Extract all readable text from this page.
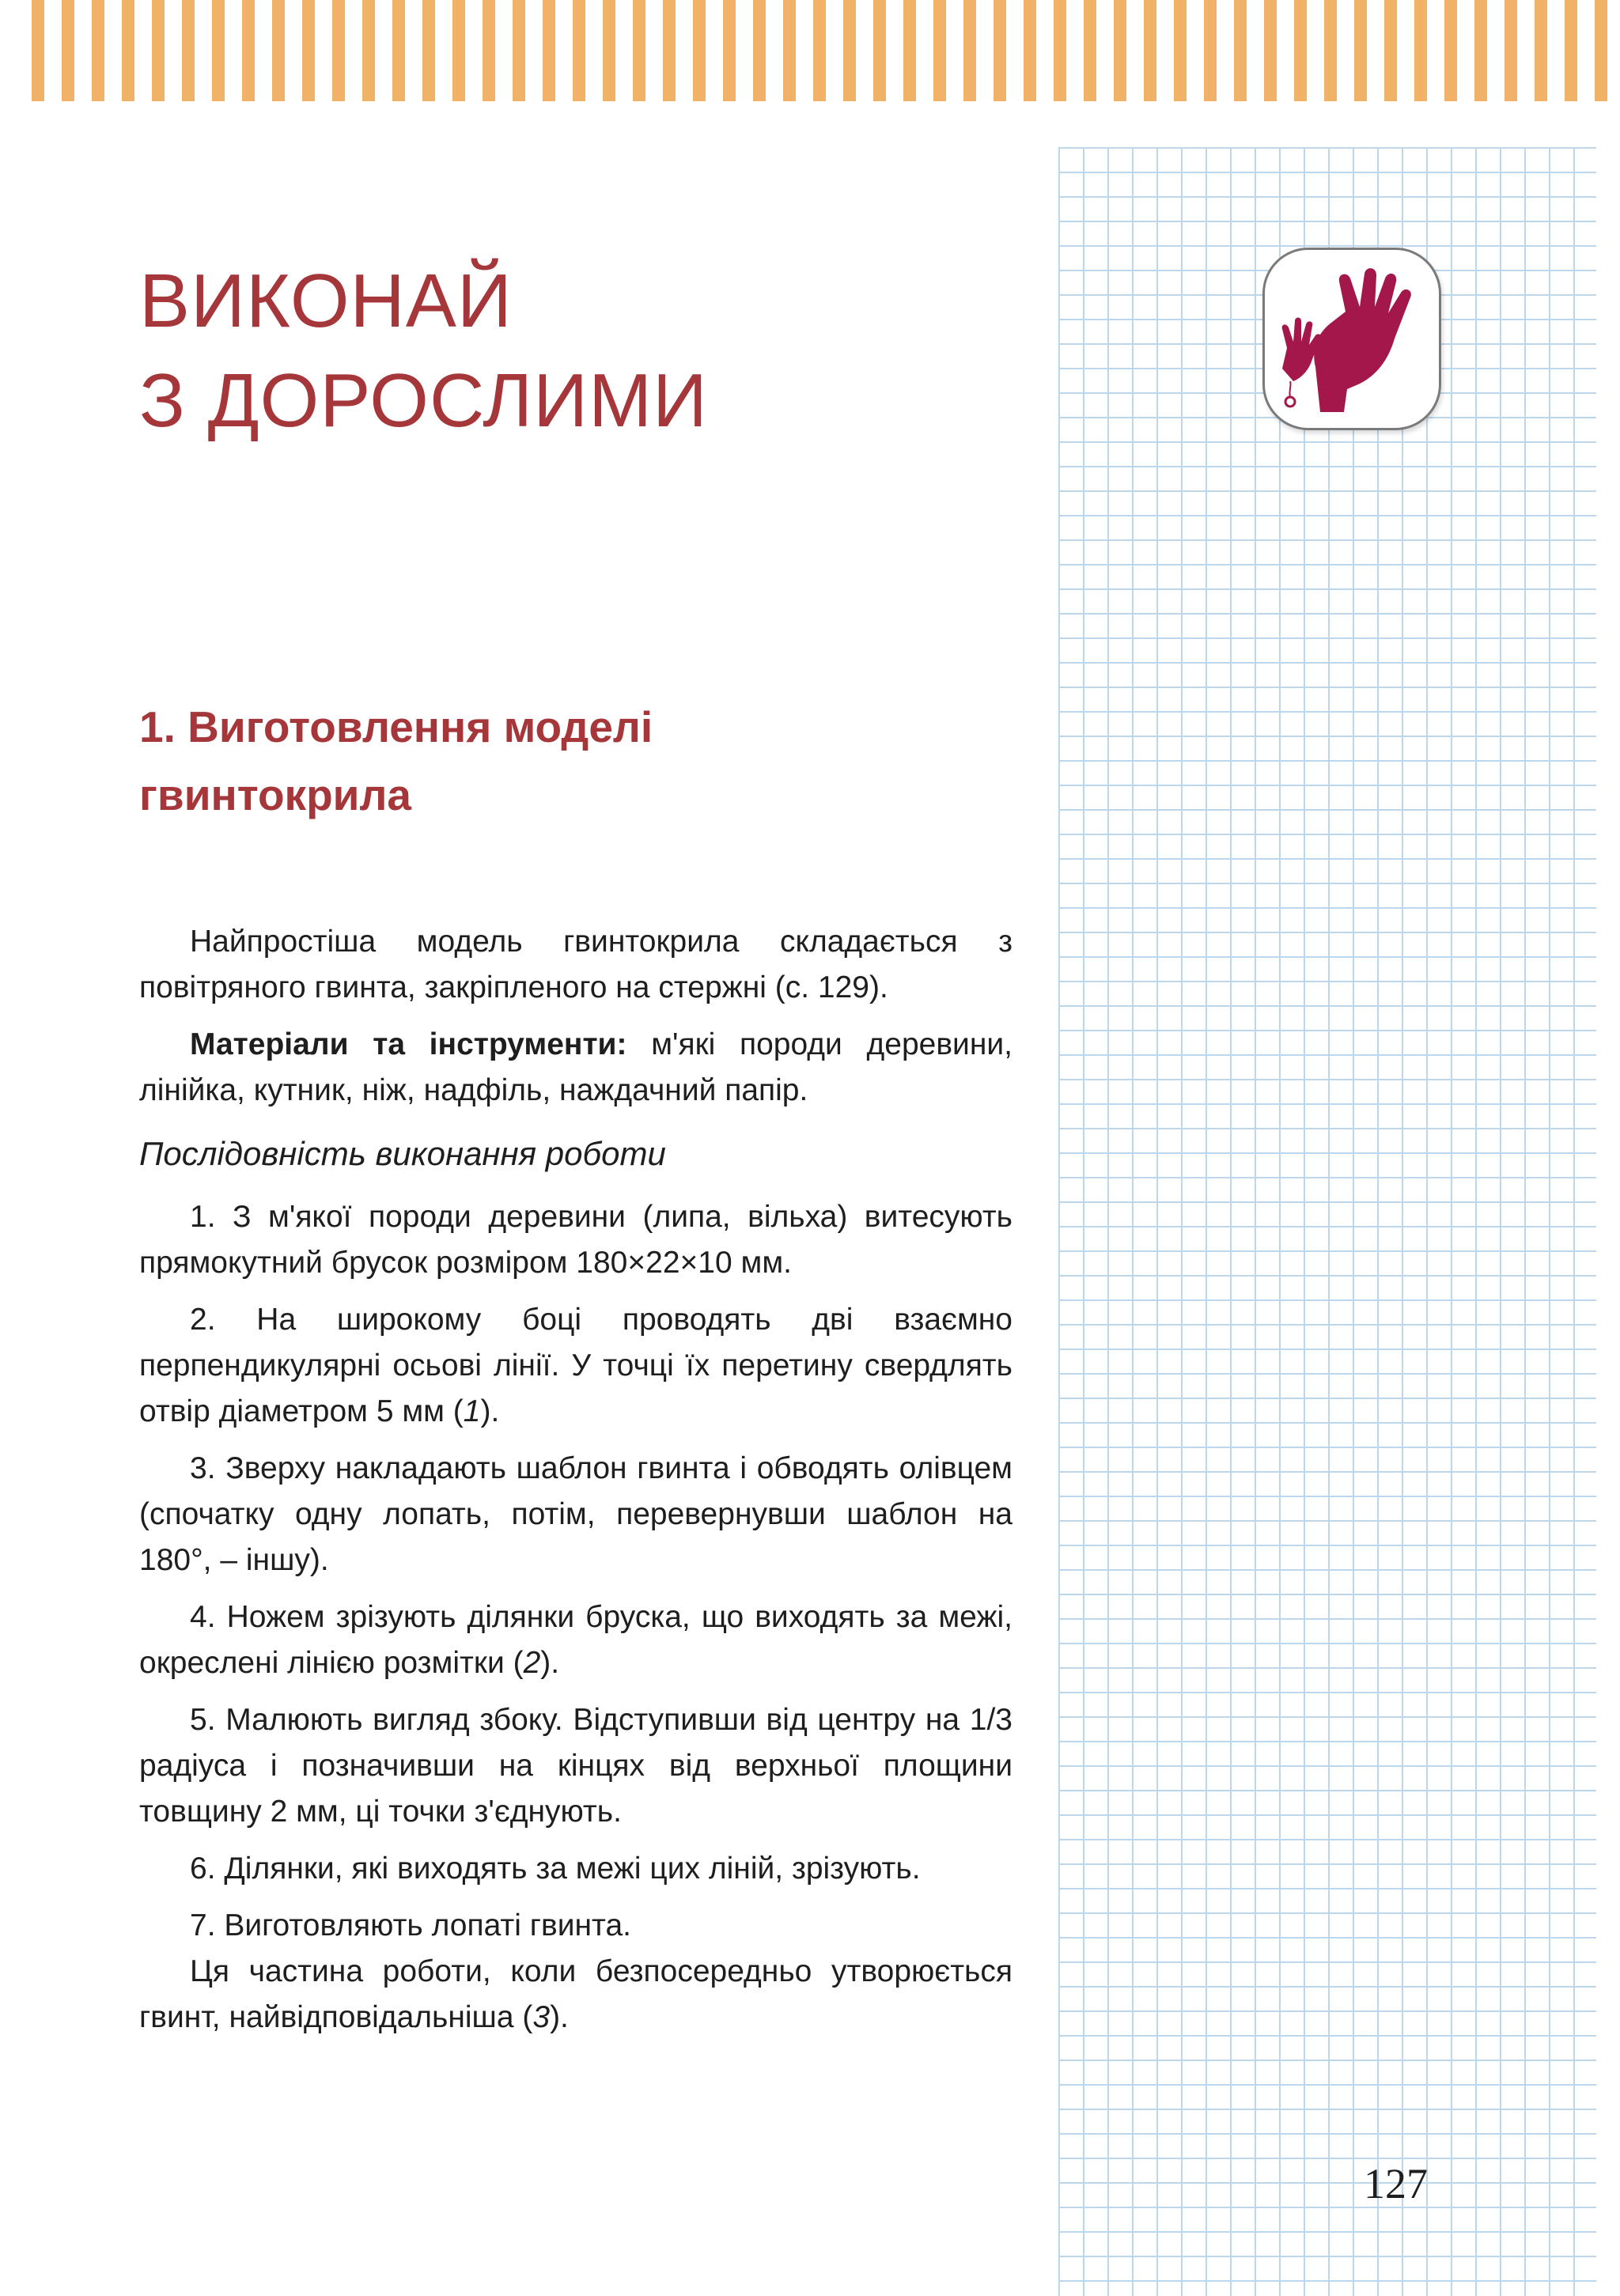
ВИКОНАЙ
З ДОРОСЛИМИ
1. Виготовлення моделі
гвинтокрила

Найпростіша модель гвинтокрила складається з повітряного гвинта, закріпленого на стержні (с. 129).

Матеріали та інструменти: м'які породи деревини, лінійка, кутник, ніж, надфіль, наждачний папір.

Послідовність виконання роботи

1. З м'якої породи деревини (липа, вільха) витесують прямокутний брусок розміром 180×22×10 мм.

2. На широкому боці проводять дві взаємно перпендикулярні осьові лінії. У точці їх перетину свердлять отвір діаметром 5 мм (1).

3. Зверху накладають шаблон гвинта і обводять олівцем (спочатку одну лопать, потім, перевернувши шаблон на 180°, – іншу).

4. Ножем зрізують ділянки бруска, що виходять за межі, окреслені лінією розмітки (2).

5. Малюють вигляд збоку. Відступивши від центру на 1/3 радіуса і позначивши на кінцях від верхньої площини товщину 2 мм, ці точки з'єднують.

6. Ділянки, які виходять за межі цих ліній, зрізують.

7. Виготовляють лопаті гвинта.

Ця частина роботи, коли безпосередньо утворюється гвинт, найвідповідальніша (3).

127
